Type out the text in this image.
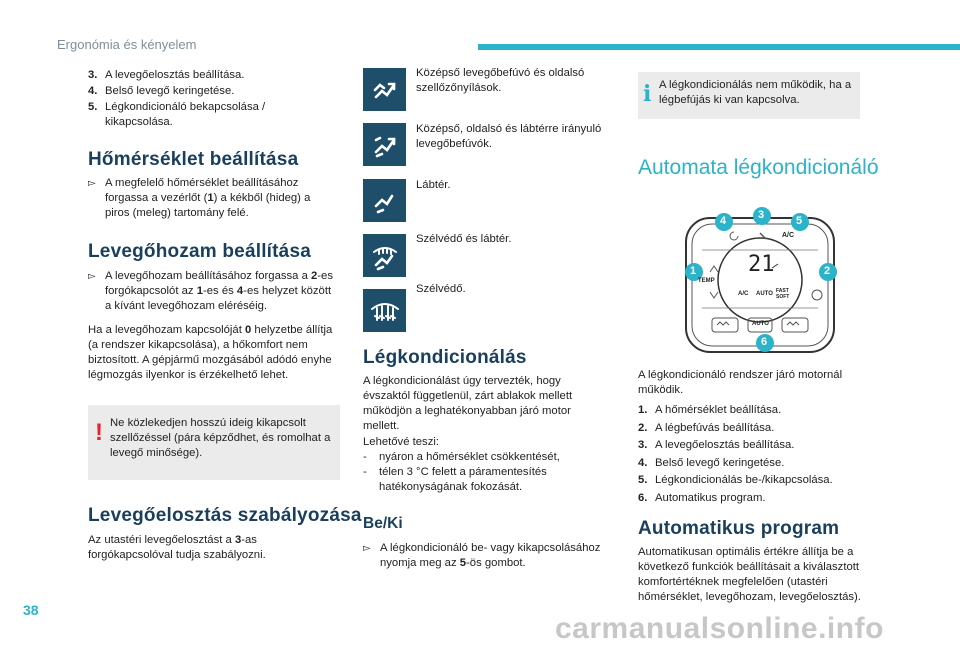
Ergonómia és kényelem
3. A levegőelosztás beállítása.
4. Belső levegő keringetése.
5. Légkondicionáló bekapcsolása / kikapcsolása.
Hőmérséklet beállítása
▻ A megfelelő hőmérséklet beállításához forgassa a vezérlőt (1) a kékből (hideg) a piros (meleg) tartomány felé.
Levegőhozam beállítása
▻ A levegőhozam beállításához forgassa a 2-es forgókapcsolót az 1-es és 4-es helyzet között a kívánt levegőhozam eléréséig.
Ha a levegőhozam kapcsolóját 0 helyzetbe állítja (a rendszer kikapcsolása), a hőkomfort nem biztosított. A gépjármű mozgásából adódó enyhe légmozgás ilyenkor is érzékelhető lehet.
! Ne közlekedjen hosszú ideig kikapcsolt szellőzéssel (pára képződhet, és romolhat a levegő minősége).
Levegőelosztás szabályozása
Az utastéri levegőelosztást a 3-as forgókapcsolóval tudja szabályozni.
Középső levegőbefúvó és oldalsó szellőzőnyílások.
Középső, oldalsó és lábtérre irányuló levegőbefúvók.
Lábtér.
Szélvédő és lábtér.
Szélvédő.
Légkondicionálás
A légkondicionálást úgy tervezték, hogy évszaktól függetlenül, zárt ablakok mellett működjön a leghatékonyabban járó motor mellett.
Lehetővé teszi:
-	nyáron a hőmérséklet csökkentését,
-	télen 3 °C felett a páramentesítés hatékonyságának fokozását.
Be/Ki
▻ A légkondicionáló be- vagy kikapcsolásához nyomja meg az 5-ös gombot.
i A légkondicionálás nem működik, ha a légbefújás ki van kapcsolva.
Automata légkondicionáló
4	3	5
1	2
6
A/C
TEMP
21
A/C AUTO FAST SOFT
AUTO
A légkondicionáló rendszer járó motornál működik.
1. A hőmérséklet beállítása.
2. A légbefúvás beállítása.
3. A levegőelosztás beállítása.
4. Belső levegő keringetése.
5. Légkondicionálás be-/kikapcsolása.
6. Automatikus program.
Automatikus program
Automatikusan optimális értékre állítja be a következő funkciók beállításait a kiválasztott komfortértéknek megfelelően (utastéri hőmérséklet, levegőhozam, levegőelosztás).
38
carmanualsonline.info
